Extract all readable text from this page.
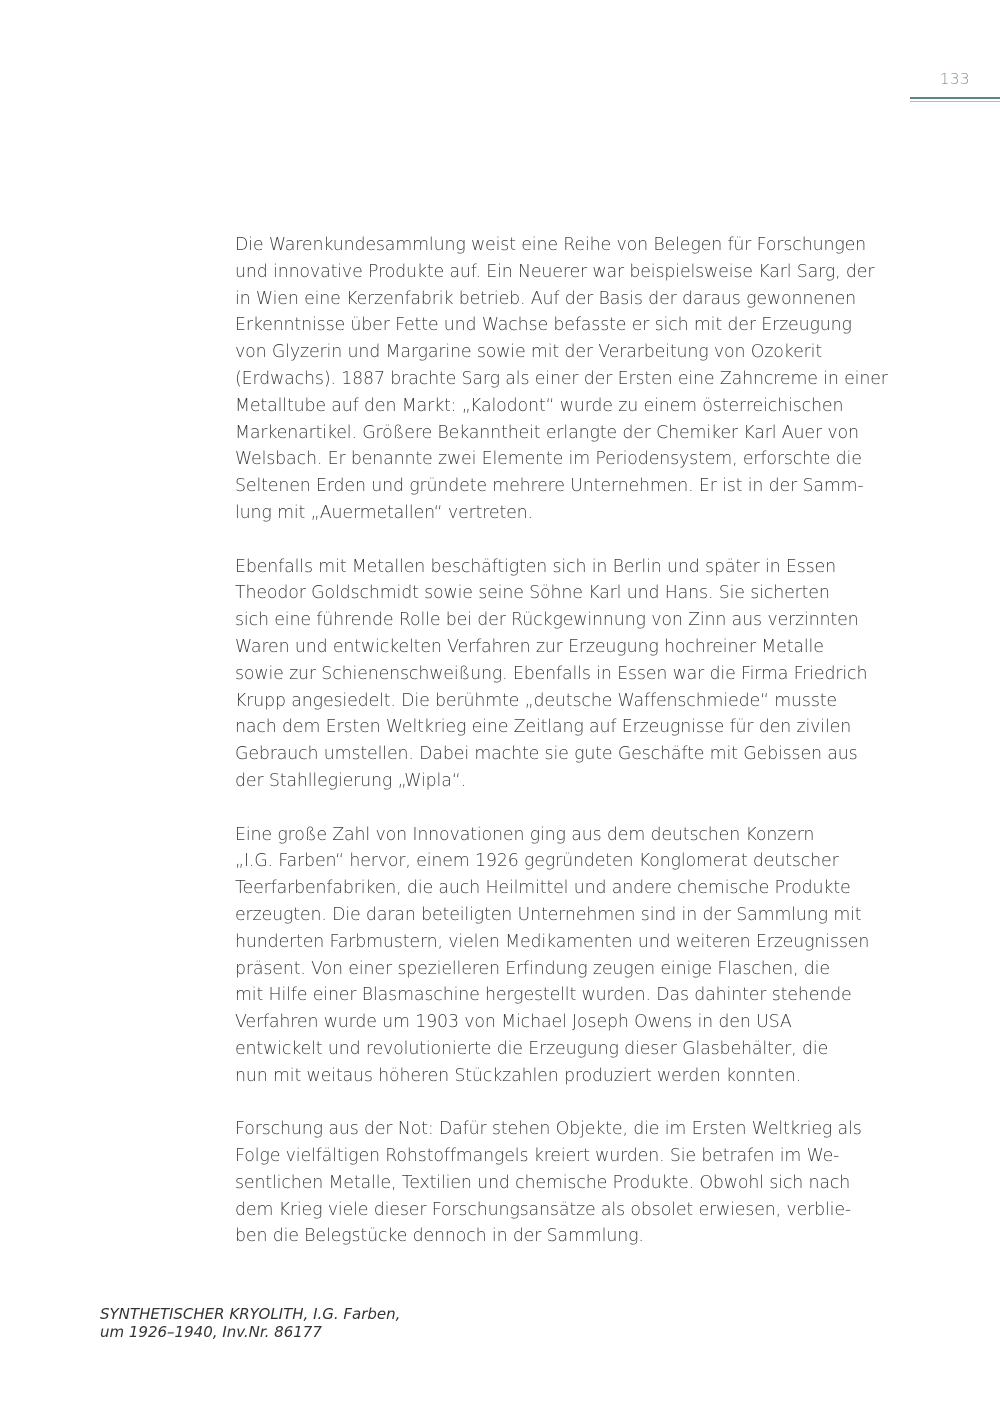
133

Die Warenkundesammlung weist eine Reihe von Belegen für Forschungen
und innovative Produkte auf. Ein Neuerer war beispielsweise Karl Sarg, der
in Wien eine Kerzenfabrik betrieb. Auf der Basis der daraus gewonnenen
Erkenntnisse über Fette und Wachse befasste er sich mit der Erzeugung
von Glyzerin und Margarine sowie mit der Verarbeitung von Ozokerit
(Erdwachs). 1887 brachte Sarg als einer der Ersten eine Zahncreme in einer
Metalltube auf den Markt: „Kalodont“ wurde zu einem österreichischen
Markenartikel. Größere Bekanntheit erlangte der Chemiker Karl Auer von
Welsbach. Er benannte zwei Elemente im Periodensystem, erforschte die
Seltenen Erden und gründete mehrere Unternehmen. Er ist in der Samm-
lung mit „Auermetallen“ vertreten.

Ebenfalls mit Metallen beschäftigten sich in Berlin und später in Essen
Theodor Goldschmidt sowie seine Söhne Karl und Hans. Sie sicherten
sich eine führende Rolle bei der Rückgewinnung von Zinn aus verzinnten
Waren und entwickelten Verfahren zur Erzeugung hochreiner Metalle
sowie zur Schienenschweißung. Ebenfalls in Essen war die Firma Friedrich
Krupp angesiedelt. Die berühmte „deutsche Waffenschmiede“ musste
nach dem Ersten Weltkrieg eine Zeitlang auf Erzeugnisse für den zivilen
Gebrauch umstellen. Dabei machte sie gute Geschäfte mit Gebissen aus
der Stahllegierung „Wipla“.

Eine große Zahl von Innovationen ging aus dem deutschen Konzern
„I.G. Farben“ hervor, einem 1926 gegründeten Konglomerat deutscher
Teerfarbenfabriken, die auch Heilmittel und andere chemische Produkte
erzeugten. Die daran beteiligten Unternehmen sind in der Sammlung mit
hunderten Farbmustern, vielen Medikamenten und weiteren Erzeugnissen
präsent. Von einer spezielleren Erfindung zeugen einige Flaschen, die
mit Hilfe einer Blasmaschine hergestellt wurden. Das dahinter stehende
Verfahren wurde um 1903 von Michael Joseph Owens in den USA
entwickelt und revolutionierte die Erzeugung dieser Glasbehälter, die
nun mit weitaus höheren Stückzahlen produziert werden konnten.

Forschung aus der Not: Dafür stehen Objekte, die im Ersten Weltkrieg als
Folge vielfältigen Rohstoffmangels kreiert wurden. Sie betrafen im We-
sentlichen Metalle, Textilien und chemische Produkte. Obwohl sich nach
dem Krieg viele dieser Forschungsansätze als obsolet erwiesen, verblie-
ben die Belegstücke dennoch in der Sammlung.

SYNTHETISCHER KRYOLITH, I.G. Farben,
um 1926–1940, Inv.Nr. 86177
